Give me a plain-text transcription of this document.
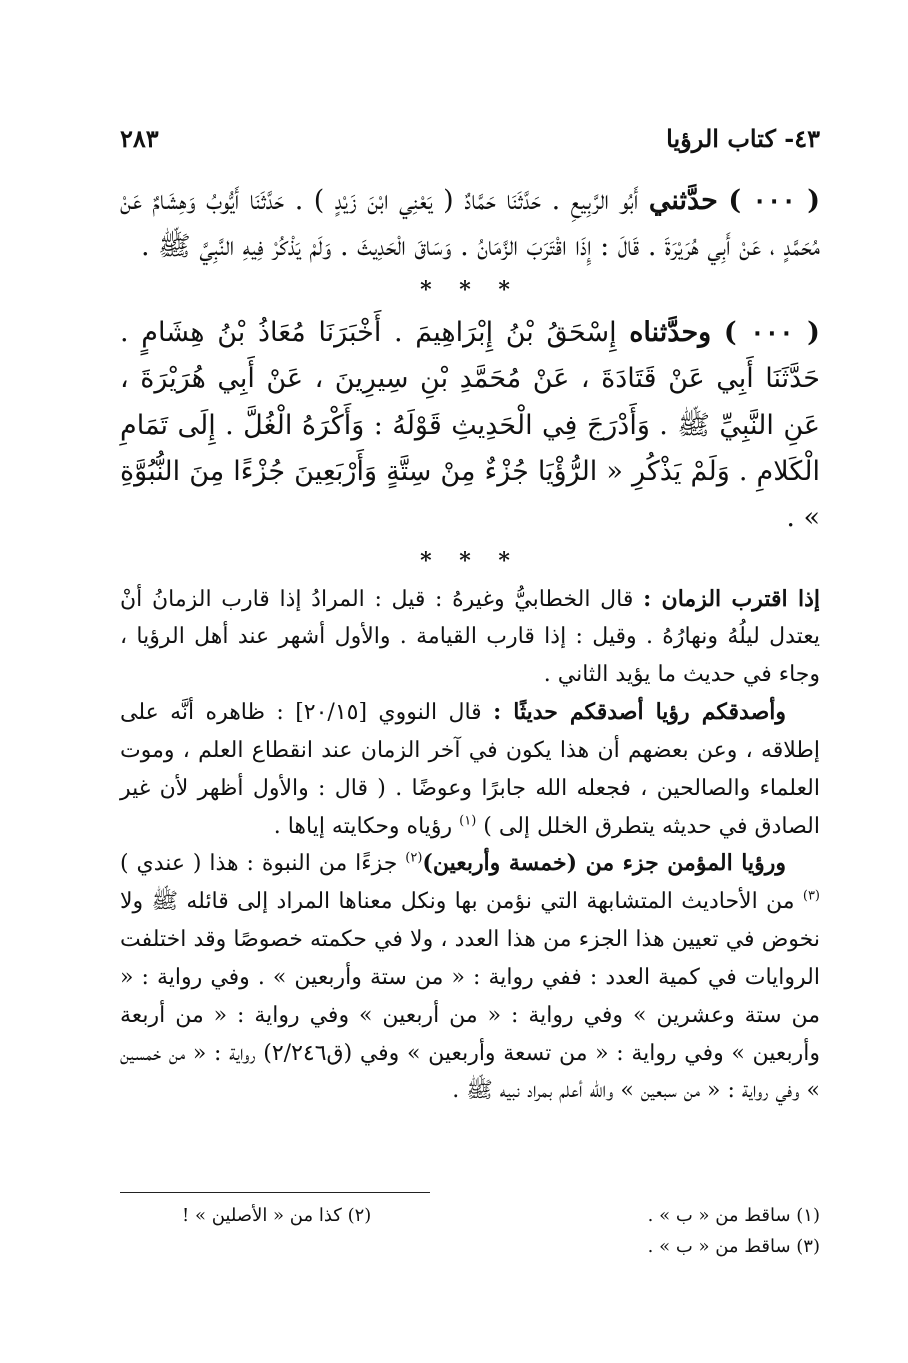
٤٣- كتاب الرؤيا
٢٨٣

( ٠٠٠ ) حدَّثني أَبُو الرَّبِيعِ . حَدَّثَنَا حَمَّادٌ ( يَعْنِي ابْنَ زَيْدٍ ) . حَدَّثَنَا أَيُّوبُ وَهِشَامٌ عَنْ مُحَمَّدٍ ، عَنْ أَبِي هُرَيْرَةَ . قَالَ : إِذَا اقْتَرَبَ الزَّمَانُ . وَسَاقَ الْحَدِيثَ . وَلَمْ يَذْكُرْ فِيهِ النَّبِيَّ ﷺ .

* * *

( ٠٠٠ ) وحدَّثناه إِسْحَقُ بْنُ إِبْرَاهِيمَ . أَخْبَرَنَا مُعَاذُ بْنُ هِشَامٍ . حَدَّثَنَا أَبِي عَنْ قَتَادَةَ ، عَنْ مُحَمَّدِ بْنِ سِيرِينَ ، عَنْ أَبِي هُرَيْرَةَ ، عَنِ النَّبِيِّ ﷺ . وَأَدْرَجَ فِي الْحَدِيثِ قَوْلَهُ : وَأَكْرَهُ الْغُلَّ . إِلَى تَمَامِ الْكَلامِ . وَلَمْ يَذْكُرِ « الرُّؤْيَا جُزْءٌ مِنْ سِتَّةٍ وَأَرْبَعِينَ جُزْءًا مِنَ النُّبُوَّةِ » .

* * *

إذا اقترب الزمان : قال الخطابيُّ وغيرهُ : قيل : المرادُ إذا قارب الزمانُ أنْ يعتدل ليلُهُ ونهارُهُ . وقيل : إذا قارب القيامة . والأول أشهر عند أهل الرؤيا ، وجاء في حديث ما يؤيد الثاني .

وأصدقكم رؤيا أصدقكم حديثًا : قال النووي [٢٠/١٥] : ظاهره أنَّه على إطلاقه ، وعن بعضهم أن هذا يكون في آخر الزمان عند انقطاع العلم ، وموت العلماء والصالحين ، فجعله الله جابرًا وعوضًا . ( قال : والأول أظهر لأن غير الصادق في حديثه يتطرق الخلل إلى ) $^{(١)}$ رؤياه وحكايته إياها .

ورؤيا المؤمن جزء من (خمسة وأربعين)$^{(٢)}$ جزءًا من النبوة : هذا ( عندي )$^{(٣)}$ من الأحاديث المتشابهة التي نؤمن بها ونكل معناها المراد إلى قائله ﷺ ولا نخوض في تعيين هذا الجزء من هذا العدد ، ولا في حكمته خصوصًا وقد اختلفت الروايات في كمية العدد : ففي رواية : « من ستة وأربعين » . وفي رواية : « من ستة وعشرين » وفي رواية : « من أربعين » وفي رواية : « من أربعة وأربعين » وفي رواية : « من تسعة وأربعين » وفي (ق٢/٢٤٦) رواية : « من خمسين » وفي رواية : « من سبعين » والله أعلم بمراد نبيه ﷺ .

(١) ساقط من « ب » .
(٢) كذا من « الأصلين » !
(٣) ساقط من « ب » .
